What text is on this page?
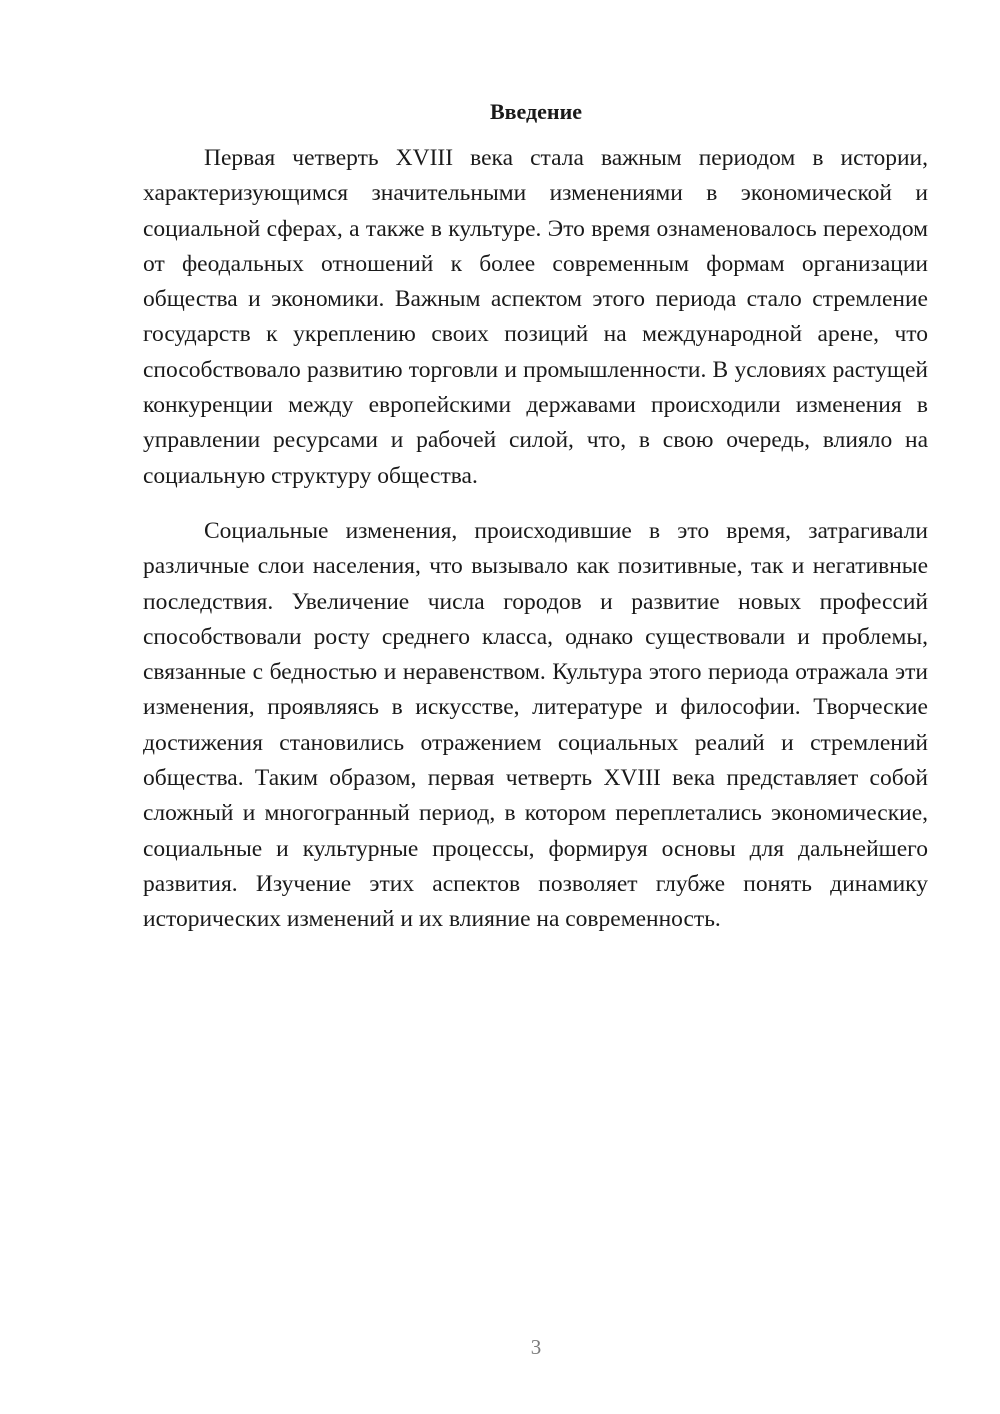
Введение

Первая четверть XVIII века стала важным периодом в истории, характеризующимся значительными изменениями в экономической и социальной сферах, а также в культуре. Это время ознаменовалось переходом от феодальных отношений к более современным формам организации общества и экономики. Важным аспектом этого периода стало стремление государств к укреплению своих позиций на международной арене, что способствовало развитию торговли и промышленности. В условиях растущей конкуренции между европейскими державами происходили изменения в управлении ресурсами и рабочей силой, что, в свою очередь, влияло на социальную структуру общества.

Социальные изменения, происходившие в это время, затрагивали различные слои населения, что вызывало как позитивные, так и негативные последствия. Увеличение числа городов и развитие новых профессий способствовали росту среднего класса, однако существовали и проблемы, связанные с бедностью и неравенством. Культура этого периода отражала эти изменения, проявляясь в искусстве, литературе и философии. Творческие достижения становились отражением социальных реалий и стремлений общества. Таким образом, первая четверть XVIII века представляет собой сложный и многогранный период, в котором переплетались экономические, социальные и культурные процессы, формируя основы для дальнейшего развития. Изучение этих аспектов позволяет глубже понять динамику исторических изменений и их влияние на современность.

3
